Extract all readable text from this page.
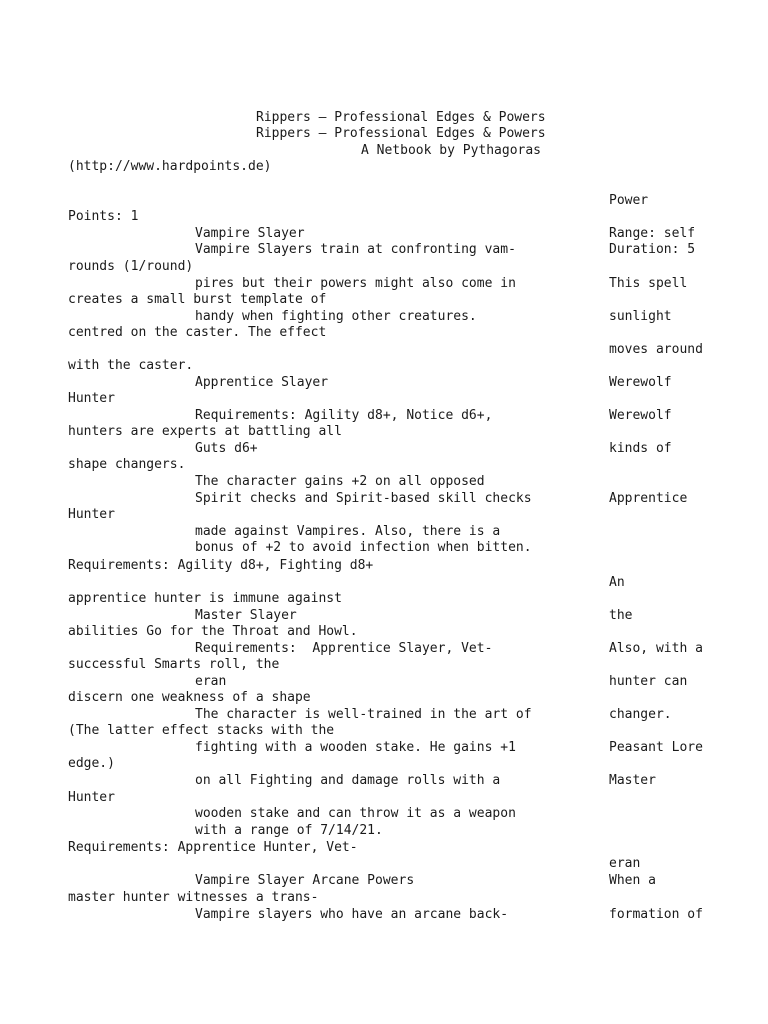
Rippers – Professional Edges & Powers

Rippers – Professional Edges & Powers

A Netbook by Pythagoras

(http://www.hardpoints.de)

Power

Points: 1

Vampire Slayer	Range: self

Vampire Slayers train at confronting vam-	Duration: 5

rounds (1/round)

pires but their powers might also come in	This spell

creates a small burst template of

handy when fighting other creatures.	sunlight

centred on the caster. The effect

moves around

with the caster.

Apprentice Slayer	Werewolf

Hunter

Requirements: Agility d8+, Notice d6+,	Werewolf

hunters are experts at battling all

Guts d6+	kinds of

shape changers.

The character gains +2 on all opposed

Spirit checks and Spirit-based skill checks	Apprentice

Hunter

made against Vampires. Also, there is a

bonus of +2 to avoid infection when bitten.

Requirements: Agility d8+, Fighting d8+

An

apprentice hunter is immune against

Master Slayer	the

abilities Go for the Throat and Howl.

Requirements:  Apprentice Slayer, Vet-	Also, with a

successful Smarts roll, the

eran	hunter can

discern one weakness of a shape

The character is well-trained in the art of	changer.

(The latter effect stacks with the

fighting with a wooden stake. He gains +1	Peasant Lore

edge.)

on all Fighting and damage rolls with a	Master

Hunter

wooden stake and can throw it as a weapon

with a range of 7/14/21.

Requirements: Apprentice Hunter, Vet-

eran

Vampire Slayer Arcane Powers	When a

master hunter witnesses a trans-

Vampire slayers who have an arcane back-	formation of
